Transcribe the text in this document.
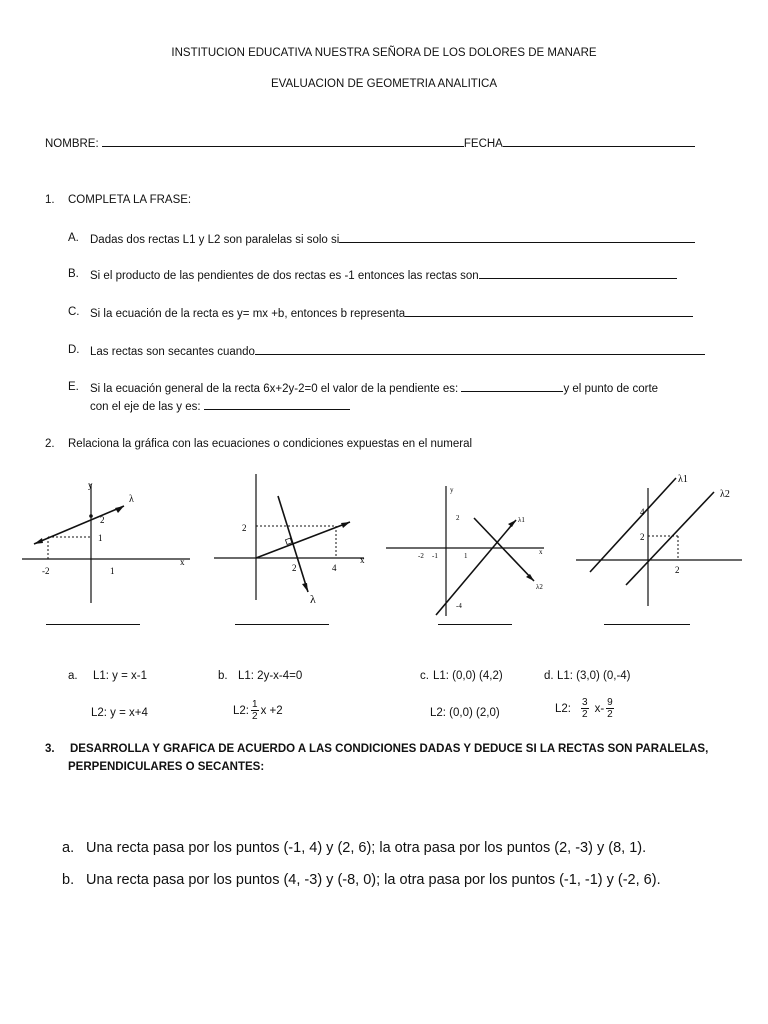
INSTITUCION EDUCATIVA NUESTRA SEÑORA DE LOS DOLORES DE MANARE
EVALUACION DE GEOMETRIA ANALITICA
NOMBRE:	FECHA
1. COMPLETA LA FRASE:
A. Dadas dos rectas L1 y L2 son paralelas si solo si
B. Si el producto de las pendientes de dos rectas es -1 entonces las rectas son
C. Si la ecuación de la recta es y= mx +b, entonces b representa
D. Las rectas son secantes cuando
E. Si la ecuación general de la recta 6x+2y-2=0 el valor de la pendiente es:	y el punto de corte
con el eje de las y es:
2. Relaciona la gráfica con las ecuaciones o condiciones expuestas en el numeral
y
x
λ
2
1
-2	1
2
x
2	4
λ
y
x
λ1
λ2
2
-4
-2 -1	1
λ1
λ2
4
2
2
a. L1: y = x-1	b. L1: 2y-x-4=0	c. L1: (0,0) (4,2)	d. L1: (3,0) (0,-4)
L2: y = x+4	L2: $\frac{1}{2}$ x +2	L2: (0,0) (2,0)	L2: $\frac{3}{2} x- \frac{9}{2}$
3. DESARROLLA Y GRAFICA DE ACUERDO A LAS CONDICIONES DADAS Y DEDUCE SI LA RECTAS SON PARALELAS,
PERPENDICULARES O SECANTES:
a. Una recta pasa por los puntos (-1, 4) y (2, 6); la otra pasa por los puntos (2, -3) y (8, 1).
b. Una recta pasa por los puntos (4, -3) y (-8, 0); la otra pasa por los puntos (-1, -1) y (-2, 6).
